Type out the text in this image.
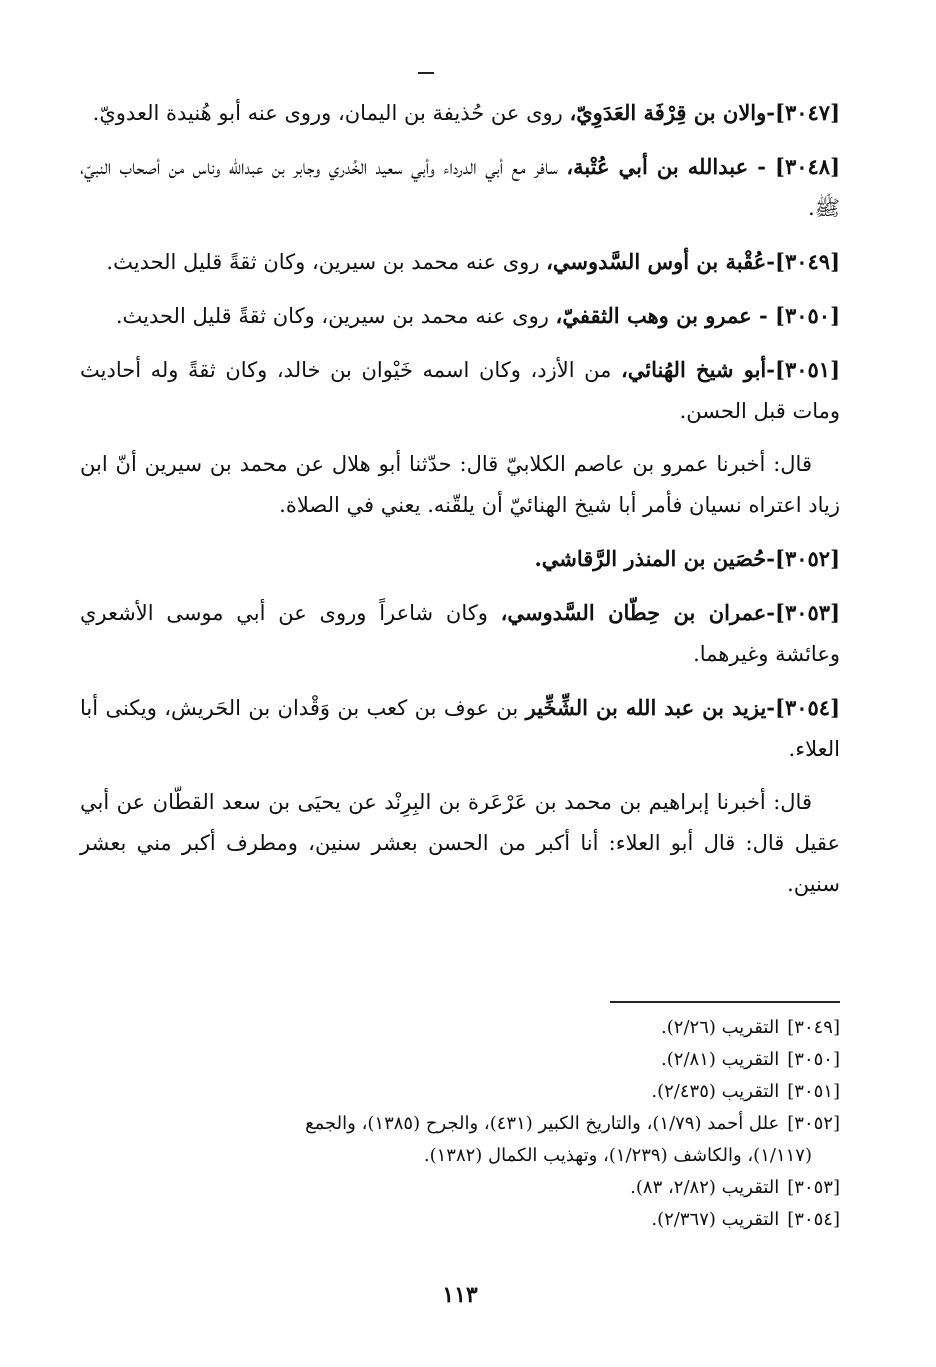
[٣٠٤٧]-والان بن قِرْفَة العَدَوِيّ، روى عن حُذيفة بن اليمان، وروى عنه أبو هُنيدة العدويّ.

[٣٠٤٨] - عبدالله بن أبي عُتْبة، سافر مع أبي الدرداء وأبي سعيد الخُدري وجابر بن عبدالله وناس من أصحاب النبيّ، ﷺ.

[٣٠٤٩]-عُقْبة بن أوس السَّدوسي، روى عنه محمد بن سيرين، وكان ثقةً قليل الحديث.

[٣٠٥٠] - عمرو بن وهب الثقفيّ، روى عنه محمد بن سيرين، وكان ثقةً قليل الحديث.

[٣٠٥١]-أبو شيخ الهُنائي، من الأزد، وكان اسمه خَيْوان بن خالد، وكان ثقةً وله أحاديث ومات قبل الحسن.

قال: أخبرنا عمرو بن عاصم الكلابيّ قال: حدّثنا أبو هلال عن محمد بن سيرين أنّ ابن زياد اعتراه نسيان فأمر أبا شيخ الهنائيّ أن يلقّنه. يعني في الصلاة.

[٣٠٥٢]-حُصَين بن المنذر الرَّقاشي.

[٣٠٥٣]-عمران بن حِطّان السَّدوسي، وكان شاعراً وروى عن أبي موسى الأشعري وعائشة وغيرهما.

[٣٠٥٤]-يزيد بن عبد الله بن الشِّخِّير بن عوف بن كعب بن وَقْدان بن الحَريش، ويكنى أبا العلاء.

قال: أخبرنا إبراهيم بن محمد بن عَرْعَرة بن البِرِنْد عن يحيَى بن سعد القطّان عن أبي عقيل قال: قال أبو العلاء: أنا أكبر من الحسن بعشر سنين، ومطرف أكبر مني بعشر سنين.

[٣٠٤٩]التقريب (٢/٢٦).

[٣٠٥٠]التقريب (٢/٨١).

[٣٠٥١]التقريب (٢/٤٣٥).

[٣٠٥٢]علل أحمد (١/٧٩)، والتاريخ الكبير (٤٣١)، والجرح (١٣٨٥)، والجمع

(١/١١٧)، والكاشف (١/٢٣٩)، وتهذيب الكمال (١٣٨٢).

[٣٠٥٣]التقريب (٢/٨٢، ٨٣).

[٣٠٥٤]التقريب (٢/٣٦٧).

١١٣
